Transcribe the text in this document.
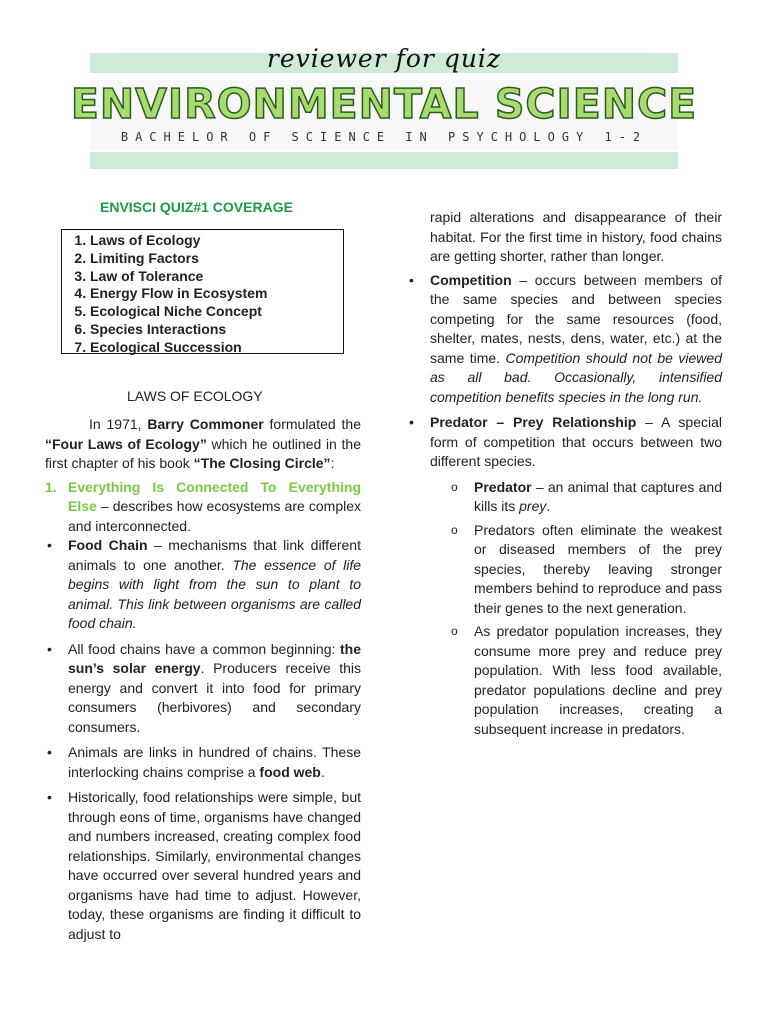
reviewer for quiz
ENVIRONMENTAL SCIENCE
BACHELOR OF SCIENCE IN PSYCHOLOGY 1-2
ENVISCI QUIZ#1 COVERAGE
1. Laws of Ecology
2. Limiting Factors
3. Law of Tolerance
4. Energy Flow in Ecosystem
5. Ecological Niche Concept
6. Species Interactions
7. Ecological Succession
LAWS OF ECOLOGY

In 1971, Barry Commoner formulated the “Four Laws of Ecology” which he outlined in the first chapter of his book “The Closing Circle”:

1. Everything Is Connected To Everything Else – describes how ecosystems are complex and interconnected.
• Food Chain – mechanisms that link different animals to one another. The essence of life begins with light from the sun to plant to animal. This link between organisms are called food chain.
• All food chains have a common beginning: the sun’s solar energy. Producers receive this energy and convert it into food for primary consumers (herbivores) and secondary consumers.
• Animals are links in hundred of chains. These interlocking chains comprise a food web.
• Historically, food relationships were simple, but through eons of time, organisms have changed and numbers increased, creating complex food relationships. Similarly, environmental changes have occurred over several hundred years and organisms have had time to adjust. However, today, these organisms are finding it difficult to adjust to

rapid alterations and disappearance of their habitat. For the first time in history, food chains are getting shorter, rather than longer.

• Competition – occurs between members of the same species and between species competing for the same resources (food, shelter, mates, nests, dens, water, etc.) at the same time. Competition should not be viewed as all bad. Occasionally, intensified competition benefits species in the long run.
• Predator – Prey Relationship – A special form of competition that occurs between two different species.
o Predator – an animal that captures and kills its prey.
o Predators often eliminate the weakest or diseased members of the prey species, thereby leaving stronger members behind to reproduce and pass their genes to the next generation.
o As predator population increases, they consume more prey and reduce prey population. With less food available, predator populations decline and prey population increases, creating a subsequent increase in predators.
